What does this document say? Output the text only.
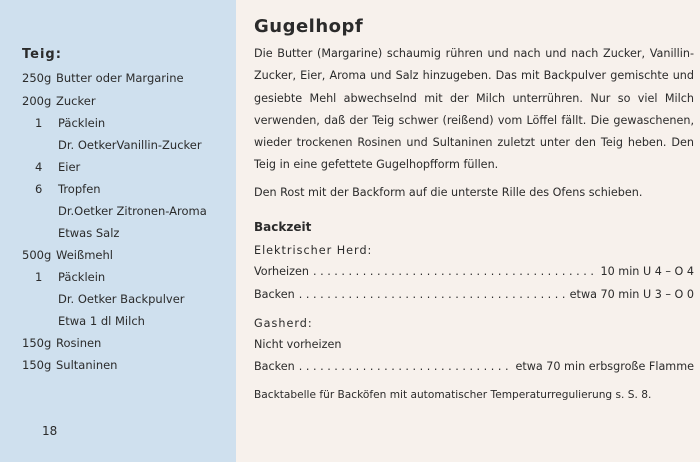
Teig:
250g Butter oder Margarine
200g Zucker
1 Päcklein
Dr. OetkerVanillin-Zucker
4 Eier
6 Tropfen
Dr.Oetker Zitronen-Aroma
Etwas Salz
500g Weißmehl
1 Päcklein
Dr. Oetker Backpulver
Etwa 1 dl Milch
150g Rosinen
150g Sultaninen
18
Gugelhopf
Die Butter (Margarine) schaumig rühren und nach und nach Zucker, Vanillin-Zucker, Eier, Aroma und Salz hinzugeben. Das mit Backpulver gemischte und gesiebte Mehl abwechselnd mit der Milch unterrühren. Nur so viel Milch verwenden, daß der Teig schwer (reißend) vom Löffel fällt. Die gewaschenen, wieder trockenen Rosinen und Sultaninen zuletzt unter den Teig heben. Den Teig in eine gefettete Gugelhopfform füllen.
Den Rost mit der Backform auf die unterste Rille des Ofens schieben.
Backzeit
Elektrischer Herd:
Vorheizen . . .	10 min U 4 – O 4
Backen . . .	etwa 70 min U 3 – O 0
Gasherd:
Nicht vorheizen
Backen . . .	etwa 70 min erbsgroße Flamme
Backtabelle für Backöfen mit automatischer Temperaturregulierung s. S. 8.
